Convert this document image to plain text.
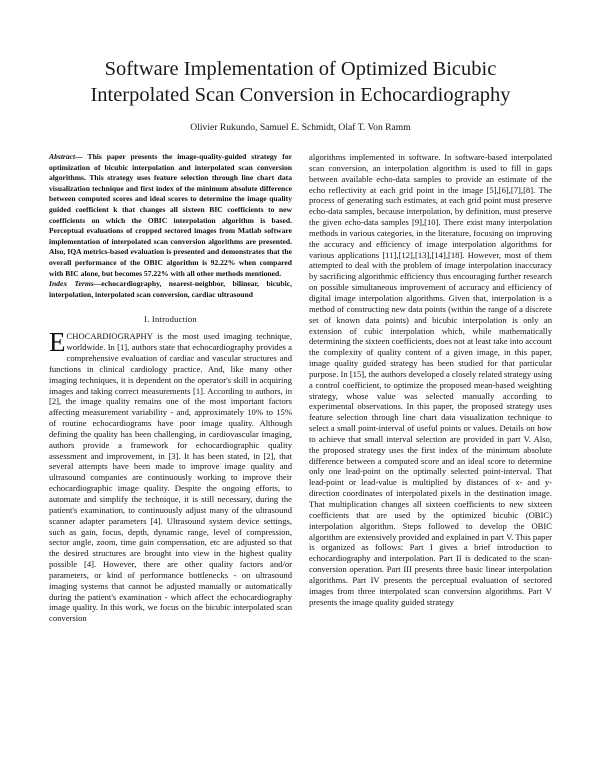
Software Implementation of Optimized Bicubic
Interpolated Scan Conversion in Echocardiography
Olivier Rukundo, Samuel E. Schmidt, Olaf T. Von Ramm

Abstract— This paper presents the image-quality-guided strategy for optimization of bicubic interpolation and interpolated scan conversion algorithms. This strategy uses feature selection through line chart data visualization technique and first index of the minimum absolute difference between computed scores and ideal scores to determine the image quality guided coefficient k that changes all sixteen BIC coefficients to new coefficients on which the OBIC interpolation algorithm is based. Perceptual evaluations of cropped sectored images from Matlab software implementation of interpolated scan conversion algorithms are presented. Also, IQA metrics-based evaluation is presented and demonstrates that the overall performance of the OBIC algorithm is 92.22% when compared with BIC alone, but becomes 57.22% with all other methods mentioned.

Index Terms—echocardiography, nearest-neighbor, bilinear, bicubic, interpolation, interpolated scan conversion, cardiac ultrasound

I. Introduction

ECHOCARDIOGRAPHY is the most used imaging technique, worldwide. In [1], authors state that echocardiography provides a comprehensive evaluation of cardiac and vascular structures and functions in clinical cardiology practice. And, like many other imaging techniques, it is dependent on the operator's skill in acquiring images and taking correct measurements [1]. According to authors, in [2], the image quality remains one of the most important factors affecting measurement variability - and, approximately 10% to 15% of routine echocardiograms have poor image quality. Although defining the quality has been challenging, in cardiovascular imaging, authors provide a framework for echocardiographic quality assessment and improvement, in [3]. It has been stated, in [2], that several attempts have been made to improve image quality and ultrasound companies are continuously working to improve their echocardiographic image quality. Despite the ongoing efforts, to automate and simplify the technique, it is still necessary, during the patient's examination, to continuously adjust many of the ultrasound scanner adapter parameters [4]. Ultrasound system device settings, such as gain, focus, depth, dynamic range, level of compression, sector angle, zoom, time gain compensation, etc are adjusted so that the desired structures are brought into view in the highest quality possible [4]. However, there are other quality factors and/or parameters, or kind of performance bottlenecks - on ultrasound imaging systems that cannot be adjusted manually or automatically during the patient's examination - which affect the echocardiography image quality. In this work, we focus on the bicubic interpolated scan conversion

algorithms implemented in software. In software-based interpolated scan conversion, an interpolation algorithm is used to fill in gaps between available echo-data samples to provide an estimate of the echo reflectivity at each grid point in the image [5],[6],[7],[8]. The process of generating such estimates, at each grid point must preserve echo-data samples, because interpolation, by definition, must preserve the given echo-data samples [9],[10]. There exist many interpolation methods in various categories, in the literature, focusing on improving the accuracy and efficiency of image interpolation algorithms for various applications [11],[12],[13],[14],[18]. However, most of them attempted to deal with the problem of image interpolation inaccuracy by sacrificing algorithmic efficiency thus encouraging further research on possible simultaneous improvement of accuracy and efficiency of digital image interpolation algorithms. Given that, interpolation is a method of constructing new data points (within the range of a discrete set of known data points) and bicubic interpolation is only an extension of cubic interpolation which, while mathematically determining the sixteen coefficients, does not at least take into account the complexity of quality content of a given image, in this paper, image quality guided strategy has been studied for that particular purpose. In [15], the authors developed a closely related strategy using a control coefficient, to optimize the proposed mean-based weighting strategy, whose value was selected manually according to experimental observations. In this paper, the proposed strategy uses feature selection through line chart data visualization technique to select a small point-interval of useful points or values. Details on how to achieve that small interval selection are provided in part V. Also, the proposed strategy uses the first index of the minimum absolute difference between a computed score and an ideal score to determine only one lead-point on the optimally selected point-interval. That lead-point or lead-value is multiplied by distances of x- and y-direction coordinates of interpolated pixels in the destination image. That multiplication changes all sixteen coefficients to new sixteen coefficients that are used by the optimized bicubic (OBIC) interpolation algorithm. Steps followed to develop the OBIC algorithm are extensively provided and explained in part V. This paper is organized as follows: Part I gives a brief introduction to echocardiography and interpolation. Part II is dedicated to the scan-conversion operation. Part III presents three basic linear interpolation algorithms. Part IV presents the perceptual evaluation of sectored images from three interpolated scan conversion algorithms. Part V presents the image quality guided strategy
